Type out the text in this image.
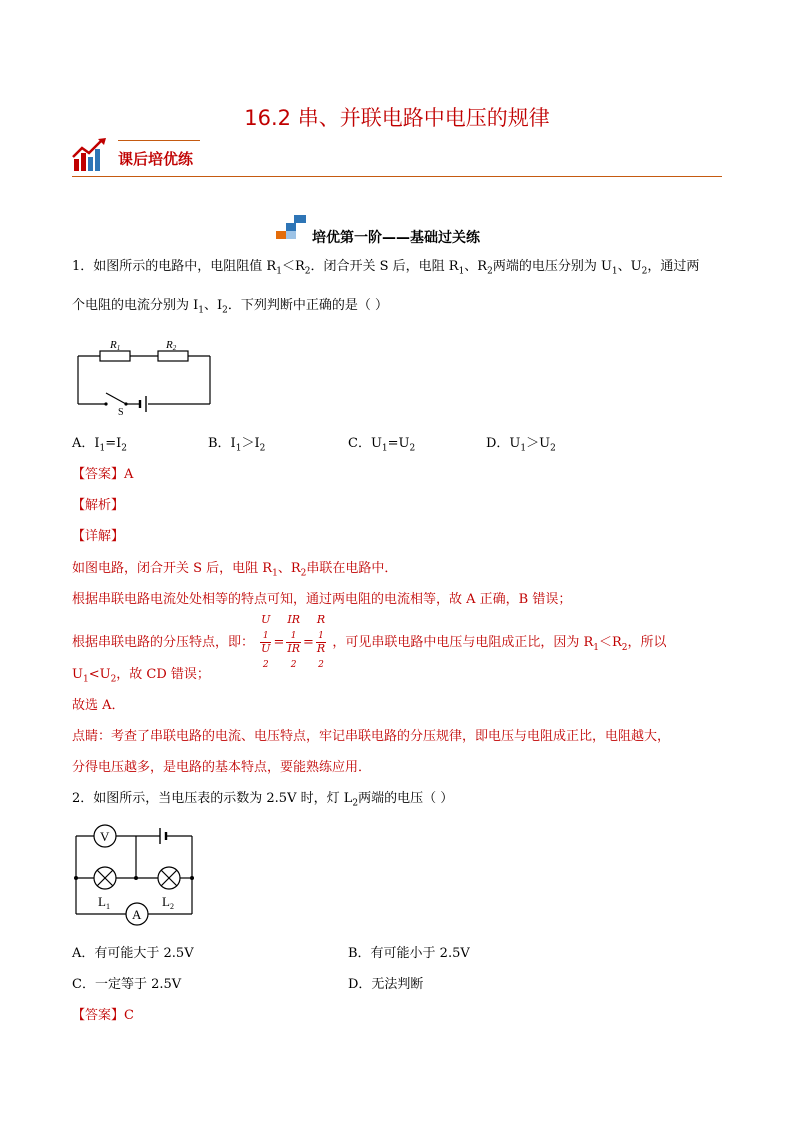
16.2 串、并联电路中电压的规律
课后培优练
培优第一阶——基础过关练
1．如图所示的电路中，电阻阻值 $R_1<R_2$．闭合开关 S 后，电阻 $R_1$、$R_2$两端的电压分别为 $U_1$、$U_2$，通过两
个电阻的电流分别为 $I_1$、$I_2$．下列判断中正确的是（ ）
R1	R2
S
A．$I_1=I_2$	B．$I_1>I_2$	C．$U_1=U_2$	D．$U_1>U_2$
【答案】A
【解析】
【详解】
如图电路，闭合开关 S 后，电阻 $R_1$、$R_2$串联在电路中．
根据串联电路电流处处相等的特点可知，通过两电阻的电流相等，故 A 正确，B 错误；
根据串联电路的分压特点，即： U
$_1$
U
$_2$ = IR
$_1$
IR
$_2$ = R
$_1$
R
$_2$ ，可见串联电路中电压与电阻成正比，因为 $R_1<R_2$，所以
$U_1<U_2$，故 CD 错误；
故选 A．
点睛：考查了串联电路的电流、电压特点，牢记串联电路的分压规律，即电压与电阻成正比，电阻越大，
分得电压越多，是电路的基本特点，要能熟练应用．
2．如图所示，当电压表的示数为 2.5V 时，灯 $L_2$两端的电压（ ）
V
A
$L_1$	$L_2$
A．有可能大于 2.5V	B．有可能小于 2.5V
C．一定等于 2.5V	D．无法判断
【答案】C
